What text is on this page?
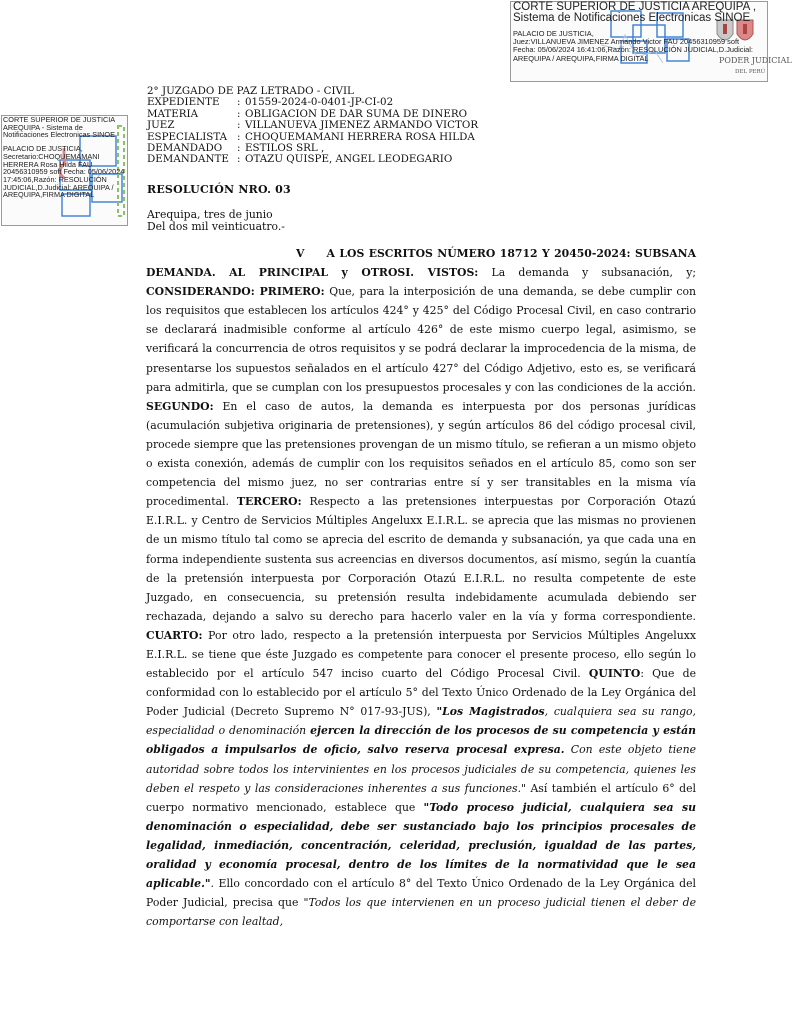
PODER JUDICIAL
DEL PERÚ
CORTE SUPERIOR DE JUSTICIA AREQUIPA ,
Sistema de Notificaciones Electronicas SINOE
PALACIO DE JUSTICIA,
Juez:VILLANUEVA JIMENEZ Armando Victor FAU 20456310959 soft
Fecha: 05/06/2024 16:41:06,Razón: RESOLUCIÓN JUDICIAL,D.Judicial:
AREQUIPA / AREQUIPA,FIRMA DIGITAL
CORTE SUPERIOR DE JUSTICIA AREQUIPA - Sistema de Notificaciones Electronicas SINOE
PALACIO DE JUSTICIA, Secretario:CHOQUEMAMANI HERRERA Rosa Hilda FAU 20456310959 soft Fecha: 05/06/2024 17:45:06,Razón: RESOLUCIÓN JUDICIAL,D.Judicial: AREQUIPA / AREQUIPA,FIRMA DIGITAL
2° JUZGADO DE PAZ LETRADO - CIVIL
EXPEDIENTE	: 01559-2024-0-0401-JP-CI-02
MATERIA	: OBLIGACION DE DAR SUMA DE DINERO
JUEZ	: VILLANUEVA JIMENEZ ARMANDO VICTOR
ESPECIALISTA : CHOQUEMAMANI HERRERA ROSA HILDA
DEMANDADO	: ESTILOS SRL ,
DEMANDANTE : OTAZU QUISPE, ANGEL LEODEGARIO
RESOLUCIÓN NRO. 03
Arequipa, tres de junio
Del dos mil veinticuatro.-

V     A LOS ESCRITOS NÚMERO 18712 Y 20450-2024: SUBSANA DEMANDA. AL PRINCIPAL y OTROSI. VISTOS: La demanda y subsanación, y; CONSIDERANDO: PRIMERO: Que, para la interposición de una demanda, se debe cumplir con los requisitos que establecen los artículos 424° y 425° del Código Procesal Civil, en caso contrario se declarará inadmisible conforme al artículo 426° de este mismo cuerpo legal, asimismo, se verificará la concurrencia de otros requisitos y se podrá declarar la improcedencia de la misma, de presentarse los supuestos señalados en el artículo 427° del Código Adjetivo, esto es, se verificará para admitirla, que se cumplan con los presupuestos procesales y con las condiciones de la acción. SEGUNDO: En el caso de autos, la demanda es interpuesta por dos personas jurídicas (acumulación subjetiva originaria de pretensiones), y según artículos 86 del código procesal civil, procede siempre que las pretensiones provengan de un mismo título, se refieran a un mismo objeto o exista conexión, además de cumplir con los requisitos señados en el artículo 85, como son ser competencia del mismo juez, no ser contrarias entre sí y ser transitables en la misma vía procedimental. TERCERO: Respecto a las pretensiones interpuestas por Corporación Otazú E.I.R.L. y Centro de Servicios Múltiples Angeluxx E.I.R.L. se aprecia que las mismas no provienen de un mismo título tal como se aprecia del escrito de demanda y subsanación, ya que cada una en forma independiente sustenta sus acreencias en diversos documentos, así mismo, según la cuantía de la pretensión interpuesta por Corporación Otazú E.I.R.L. no resulta competente de este Juzgado, en consecuencia, su pretensión resulta indebidamente acumulada debiendo ser rechazada, dejando a salvo su derecho para hacerlo valer en la vía y forma correspondiente. CUARTO: Por otro lado, respecto a la pretensión interpuesta por Servicios Múltiples Angeluxx E.I.R.L. se tiene que éste Juzgado es competente para conocer el presente proceso, ello según lo establecido por el artículo 547 inciso cuarto del Código Procesal Civil. QUINTO: Que de conformidad con lo establecido por el artículo 5° del Texto Único Ordenado de la Ley Orgánica del Poder Judicial (Decreto Supremo N° 017-93-JUS), "Los Magistrados, cualquiera sea su rango, especialidad o denominación ejercen la dirección de los procesos de su competencia y están obligados a impulsarlos de oficio, salvo reserva procesal expresa. Con este objeto tiene autoridad sobre todos los intervinientes en los procesos judiciales de su competencia, quienes les deben el respeto y las consideraciones inherentes a sus funciones." Así también el artículo 6° del cuerpo normativo mencionado, establece que "Todo proceso judicial, cualquiera sea su denominación o especialidad, debe ser sustanciado bajo los principios procesales de legalidad, inmediación, concentración, celeridad, preclusión, igualdad de las partes, oralidad y economía procesal, dentro de los límites de la normatividad que le sea aplicable.". Ello concordado con el artículo 8° del Texto Único Ordenado de la Ley Orgánica del Poder Judicial, precisa que "Todos los que intervienen en un proceso judicial tienen el deber de comportarse con lealtad,
